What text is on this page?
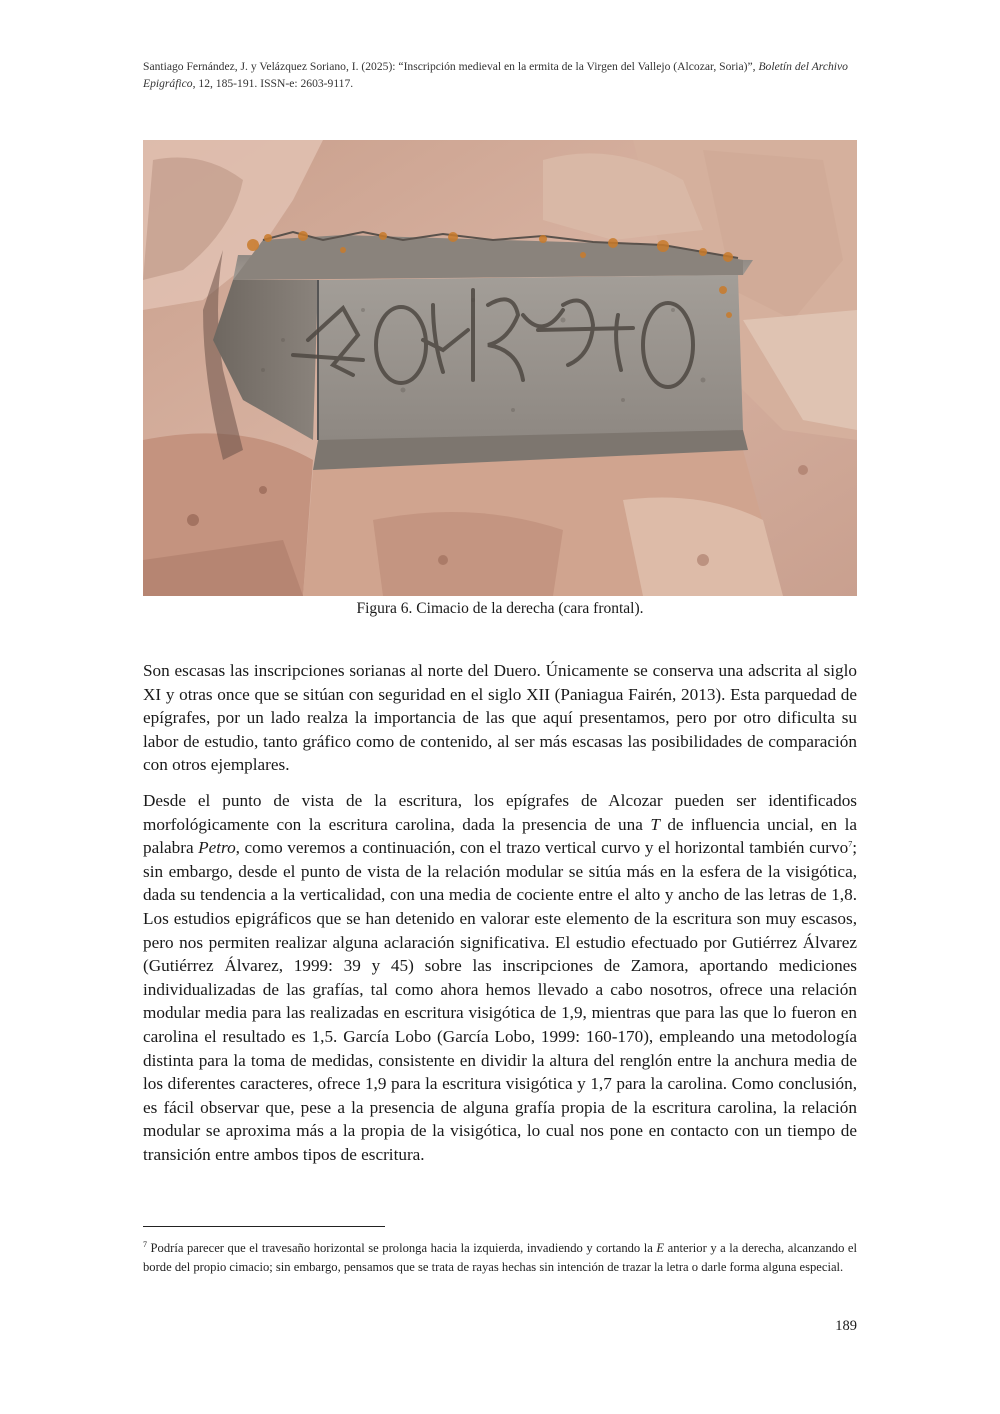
Santiago Fernández, J. y Velázquez Soriano, I. (2025): “Inscripción medieval en la ermita de la Virgen del Vallejo (Alcozar, Soria)”, Boletín del Archivo Epigráfico, 12, 185-191. ISSN-e: 2603-9117.
Figura 6. Cimacio de la derecha (cara frontal).

Son escasas las inscripciones sorianas al norte del Duero. Únicamente se conserva una adscrita al siglo XI y otras once que se sitúan con seguridad en el siglo XII (Paniagua Fairén, 2013). Esta parquedad de epígrafes, por un lado realza la importancia de las que aquí presentamos, pero por otro dificulta su labor de estudio, tanto gráfico como de contenido, al ser más escasas las posibilidades de comparación con otros ejemplares.

Desde el punto de vista de la escritura, los epígrafes de Alcozar pueden ser identificados morfológicamente con la escritura carolina, dada la presencia de una T de influencia uncial, en la palabra Petro, como veremos a continuación, con el trazo vertical curvo y el horizontal también curvo$^7$; sin embargo, desde el punto de vista de la relación modular se sitúa más en la esfera de la visigótica, dada su tendencia a la verticalidad, con una media de cociente entre el alto y ancho de las letras de 1,8. Los estudios epigráficos que se han detenido en valorar este elemento de la escritura son muy escasos, pero nos permiten realizar alguna aclaración significativa. El estudio efectuado por Gutiérrez Álvarez (Gutiérrez Álvarez, 1999: 39 y 45) sobre las inscripciones de Zamora, aportando mediciones individualizadas de las grafías, tal como ahora hemos llevado a cabo nosotros, ofrece una relación modular media para las realizadas en escritura visigótica de 1,9, mientras que para las que lo fueron en carolina el resultado es 1,5. García Lobo (García Lobo, 1999: 160-170), empleando una metodología distinta para la toma de medidas, consistente en dividir la altura del renglón entre la anchura media de los diferentes caracteres, ofrece 1,9 para la escritura visigótica y 1,7 para la carolina. Como conclusión, es fácil observar que, pese a la presencia de alguna grafía propia de la escritura carolina, la relación modular se aproxima más a la propia de la visigótica, lo cual nos pone en contacto con un tiempo de transición entre ambos tipos de escritura.

$^7$ Podría parecer que el travesaño horizontal se prolonga hacia la izquierda, invadiendo y cortando la E anterior y a la derecha, alcanzando el borde del propio cimacio; sin embargo, pensamos que se trata de rayas hechas sin intención de trazar la letra o darle forma alguna especial.
189
